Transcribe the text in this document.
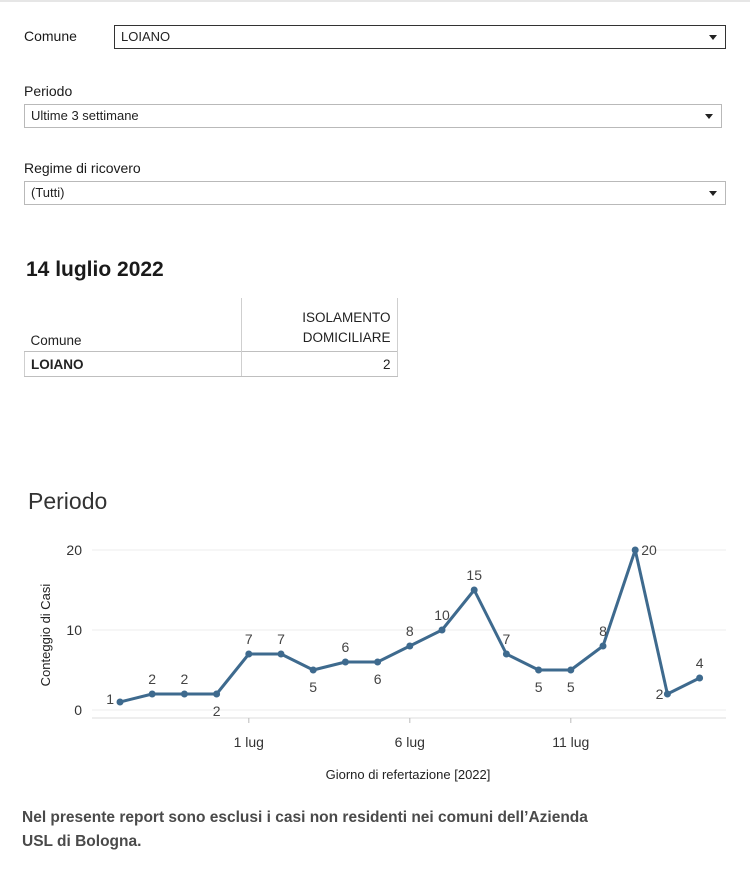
Comune	LOIANO
Periodo
Ultime 3 settimane
Regime di ricovero
(Tutti)
14 luglio 2022
Comune	ISOLAMENTO
DOMICILIARE

LOIANO	2
Periodo
0
10
20
1 lug	6 lug	11 lug
Conteggio di Casi
Giorno di refertazione [2022]
1
2 2
2
7 7
5
6
6
8
10
15
7
5 5
8
20
2
4
Nel presente report sono esclusi i casi non residenti nei comuni dell’Azienda USL di Bologna.
